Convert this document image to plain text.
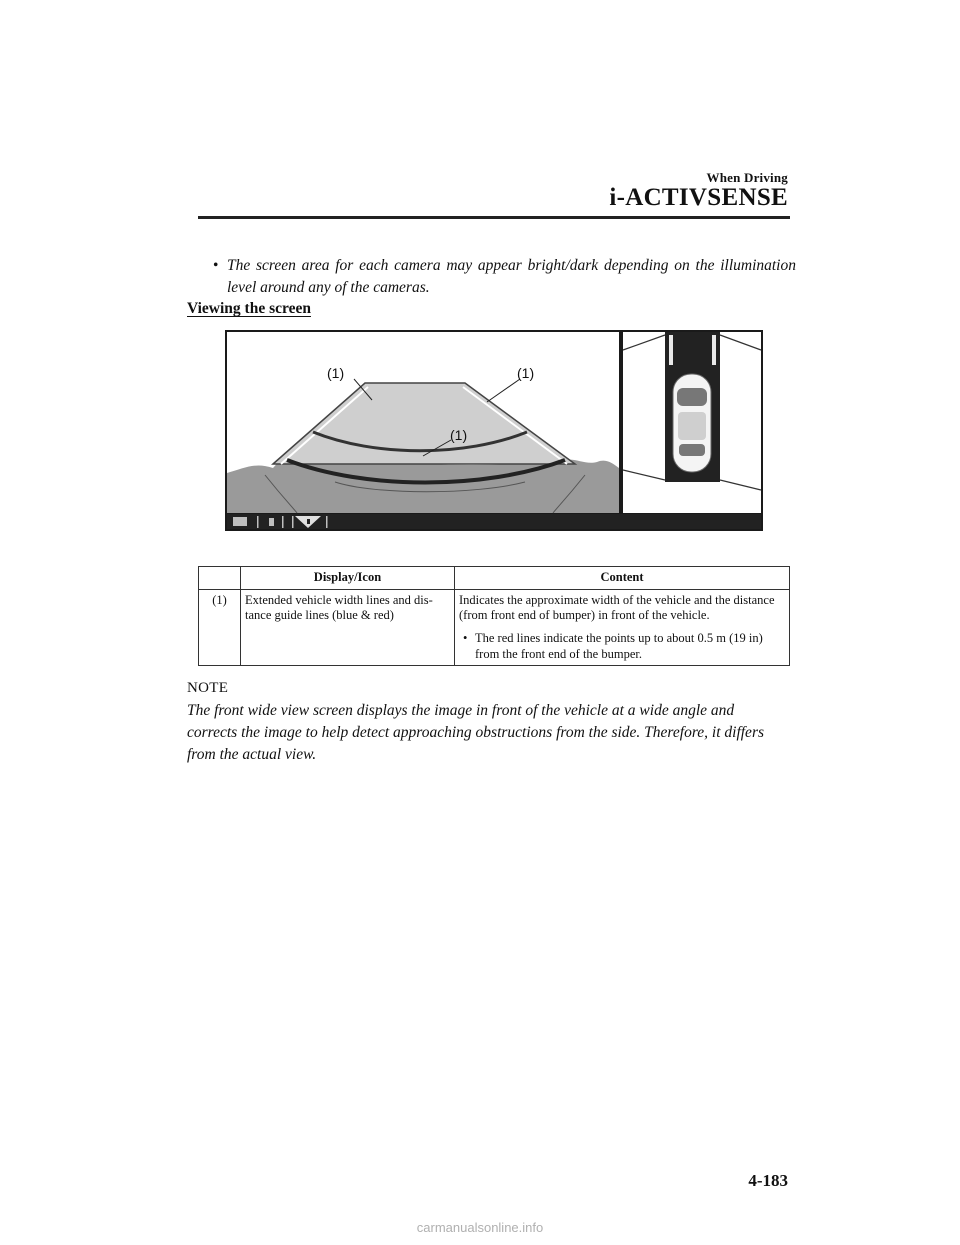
When Driving
i-ACTIVSENSE
• The screen area for each camera may appear bright/dark depending on the illumination level around any of the cameras.
Viewing the screen
(1)	(1)
(1)
	Display/Icon	Content
(1)	Extended vehicle width lines and dis-tance guide lines (blue & red)	Indicates the approximate width of the vehicle and the distance (from front end of bumper) in front of the vehicle.
• The red lines indicate the points up to about 0.5 m (19 in) from the front end of the bumper.
NOTE
The front wide view screen displays the image in front of the vehicle at a wide angle and corrects the image to help detect approaching obstructions from the side. Therefore, it differs from the actual view.
4-183
carmanualsonline.info
